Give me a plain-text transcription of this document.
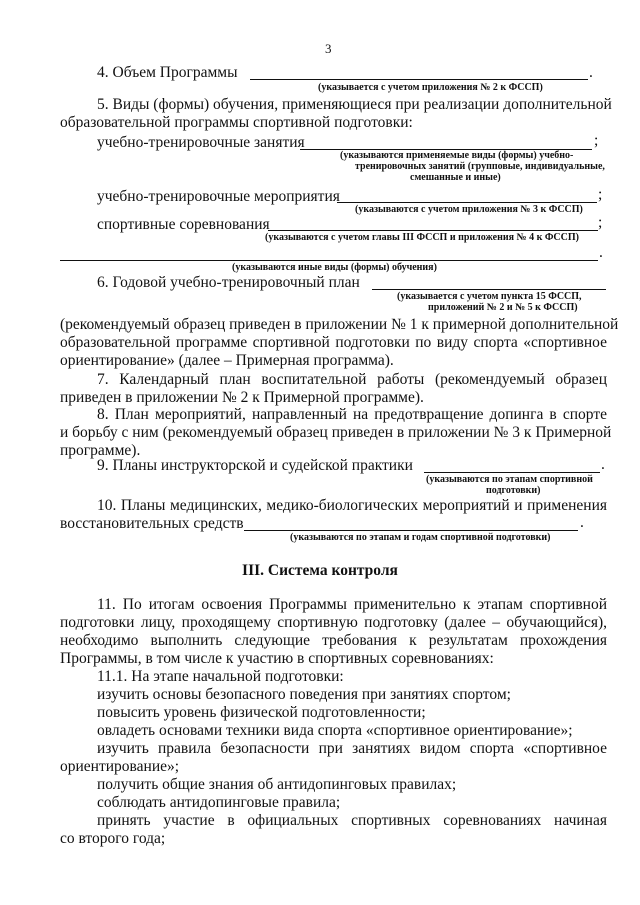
3
4. Объем Программы	.
(указывается с учетом приложения № 2 к ФССП)
5. Виды (формы) обучения, применяющиеся при реализации дополнительной
образовательной программы спортивной подготовки:
учебно-тренировочные занятия	;
(указываются применяемые виды (формы) учебно-
тренировочных занятий (групповые, индивидуальные,
смешанные и иные)
учебно-тренировочные мероприятия	;
(указываются с учетом приложения № 3 к ФССП)
спортивные соревнования	;
(указываются с учетом главы III ФССП и приложения № 4 к ФССП)
.
(указываются иные виды (формы) обучения)
6. Годовой учебно-тренировочный план
(указывается с учетом пункта 15 ФССП,
приложений № 2 и № 5 к ФССП)
(рекомендуемый образец приведен в приложении № 1 к примерной дополнительной
образовательной программе спортивной подготовки по виду спорта «спортивное
ориентирование» (далее – Примерная программа).
7. Календарный план воспитательной работы (рекомендуемый образец
приведен в приложении № 2 к Примерной программе).
8. План мероприятий, направленный на предотвращение допинга в спорте
и борьбу с ним (рекомендуемый образец приведен в приложении № 3 к Примерной
программе).
9. Планы инструкторской и судейской практики	.
(указываются по этапам спортивной
подготовки)
10. Планы медицинских, медико-биологических мероприятий и применения
восстановительных средств	.
(указываются по этапам и годам спортивной подготовки)
III. Система контроля
11. По итогам освоения Программы применительно к этапам спортивной
подготовки лицу, проходящему спортивную подготовку (далее – обучающийся),
необходимо выполнить следующие требования к результатам прохождения
Программы, в том числе к участию в спортивных соревнованиях:
11.1. На этапе начальной подготовки:
изучить основы безопасного поведения при занятиях спортом;
повысить уровень физической подготовленности;
овладеть основами техники вида спорта «спортивное ориентирование»;
изучить правила безопасности при занятиях видом спорта «спортивное
ориентирование»;
получить общие знания об антидопинговых правилах;
соблюдать антидопинговые правила;
принять участие в официальных спортивных соревнованиях начиная
со второго года;
